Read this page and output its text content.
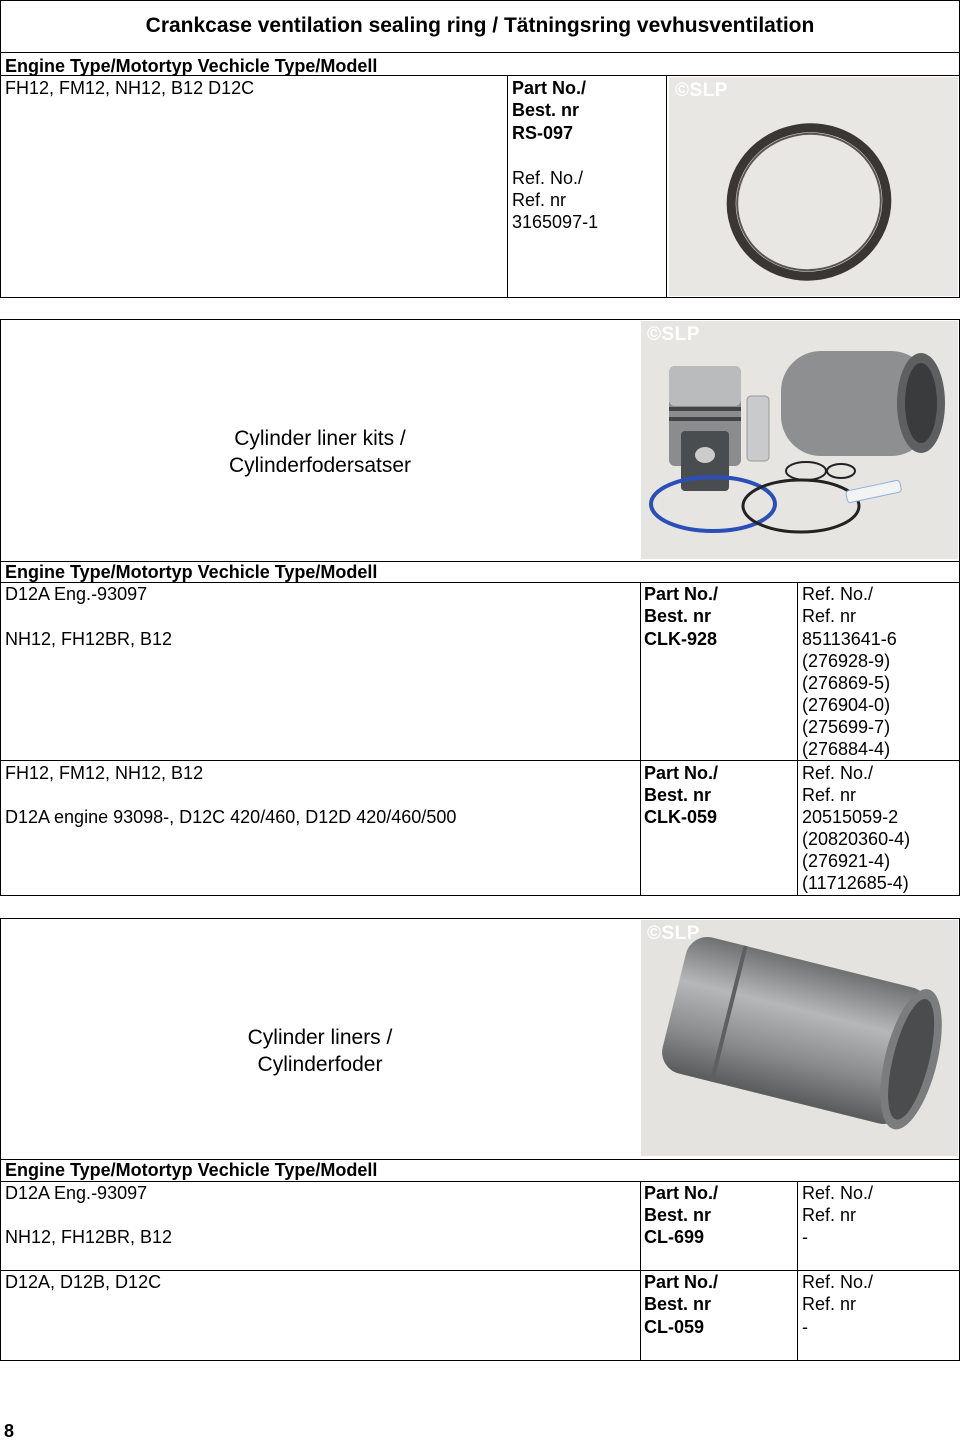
Crankcase ventilation sealing ring / Tätningsring vevhusventilation
Engine Type/Motortyp Vechicle Type/Modell
FH12, FM12, NH12, B12 D12C	Part No./
Best. nr
RS-097
Ref. No./
Ref. nr
3165097-1
©SLP
Cylinder liner kits /
Cylinderfodersatser
©SLP
Engine Type/Motortyp Vechicle Type/Modell
D12A Eng.-93097
NH12, FH12BR, B12
Part No./
Best. nr
CLK-928
Ref. No./
Ref. nr
85113641-6
(276928-9)
(276869-5)
(276904-0)
(275699-7)
(276884-4)
FH12, FM12, NH12, B12
D12A engine 93098-, D12C 420/460, D12D 420/460/500
Part No./
Best. nr
CLK-059
Ref. No./
Ref. nr
20515059-2
(20820360-4)
(276921-4)
(11712685-4)
Cylinder liners /
Cylinderfoder
©SLP
Engine Type/Motortyp Vechicle Type/Modell
D12A Eng.-93097
NH12, FH12BR, B12
Part No./
Best. nr
CL-699
Ref. No./
Ref. nr
-
D12A, D12B, D12C	Part No./
Best. nr
CL-059
Ref. No./
Ref. nr
-
8
